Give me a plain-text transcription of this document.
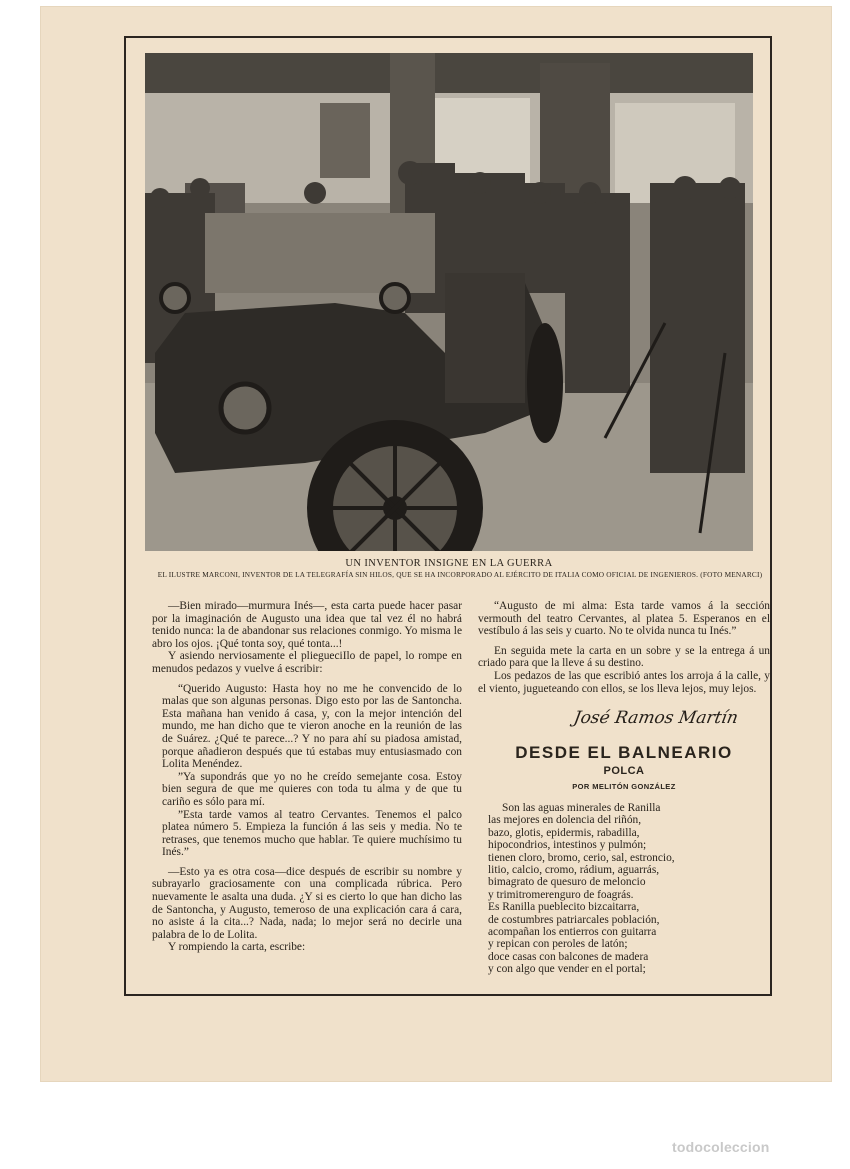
UN INVENTOR INSIGNE EN LA GUERRA
EL ILUSTRE MARCONI, INVENTOR DE LA TELEGRAFÍA SIN HILOS, QUE SE HA INCORPORADO AL EJÉRCITO DE ITALIA COMO OFICIAL DE INGENIEROS. (FOTO MENARCI)

—Bien mirado—murmura Inés—, esta carta puede hacer pasar por la imaginación de Augusto una idea que tal vez él no habrá tenido nunca: la de abandonar sus relaciones conmigo. Yo misma le abro los ojos. ¡Qué tonta soy, qué tonta...!

Y asiendo nerviosamente el pliegueciIlo de papel, lo rompe en menudos pedazos y vuelve á escribir:

“Querido Augusto: Hasta hoy no me he convencido de lo malas que son algunas personas. Digo esto por las de Santoncha. Esta mañana han venido á casa, y, con la mejor intención del mundo, me han dicho que te vieron anoche en la reunión de las de Suárez. ¿Qué te parece...? Y no para ahí su piadosa amistad, porque añadieron después que tú estabas muy entusiasmado con Lolita Menéndez.

”Ya supondrás que yo no he creído semejante cosa. Estoy bien segura de que me quieres con toda tu alma y de que tu cariño es sólo para mí.

”Esta tarde vamos al teatro Cervantes. Tenemos el palco platea número 5. Empieza la función á las seis y media. No te retrases, que tenemos mucho que hablar. Te quiere muchísimo tu Inés.”

—Esto ya es otra cosa—dice después de escribir su nombre y subrayarlo graciosamente con una complicada rúbrica. Pero nuevamente le asalta una duda. ¿Y si es cierto lo que han dicho las de Santoncha, y Augusto, temeroso de una explicación cara á cara, no asiste á la cita...? Nada, nada; lo mejor será no decirle una palabra de lo de Lolita.

Y rompiendo la carta, escribe:

“Augusto de mi alma: Esta tarde vamos á la sección vermouth del teatro Cervantes, al platea 5. Esperanos en el vestíbulo á las seis y cuarto. No te olvida nunca tu Inés.”

En seguida mete la carta en un sobre y se la entrega á un criado para que la lleve á su destino.

Los pedazos de las que escribió antes los arroja á la calle, y el viento, jugueteando con ellos, se los lleva lejos, muy lejos.

José Ramos Martín
DESDE EL BALNEARIO
POLCA
POR MELITÓN GONZÁLEZ
Son las aguas minerales de Ranilla
las mejores en dolencia del riñón,
bazo, glotis, epidermis, rabadilla,
hipocondrios, intestinos y pulmón;
tienen cloro, bromo, cerio, sal, estroncio,
litio, calcio, cromo, rádium, aguarrás,
bimagrato de quesuro de meloncio
y trimitromerenguro de foagrás.
Es Ranilla pueblecito bizcaitarra,
de costumbres patriarcales población,
acompañan los entierros con guitarra
y repican con peroles de latón;
doce casas con balcones de madera
y con algo que vender en el portal;
todocoleccion
